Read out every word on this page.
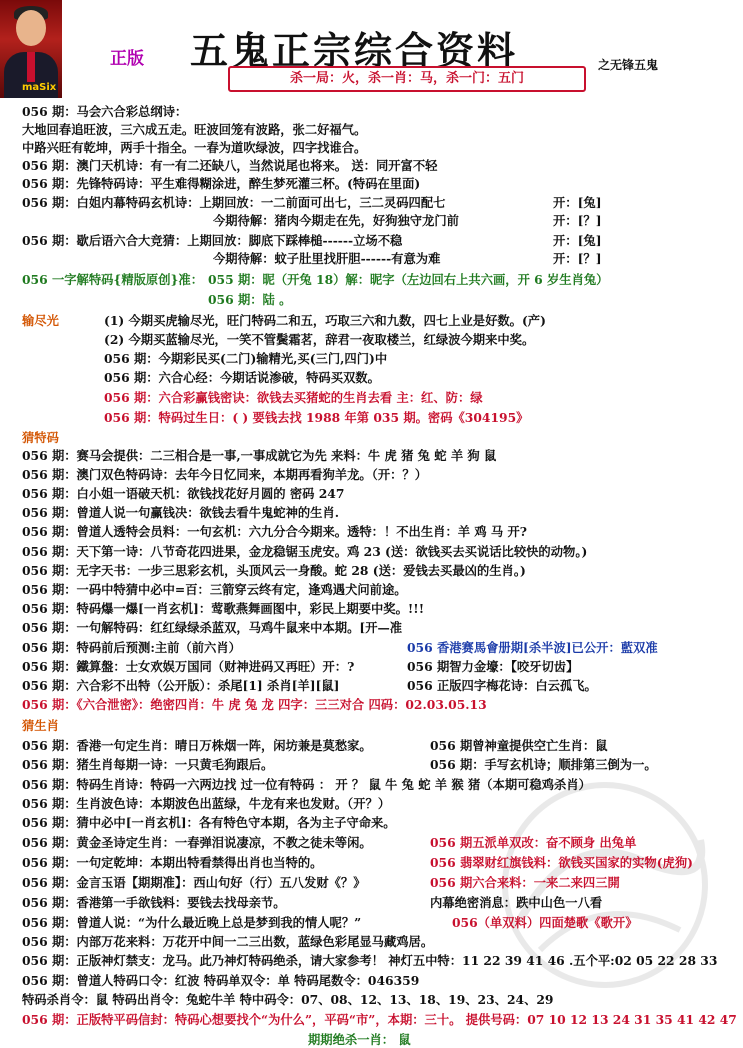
maSix
正版 五鬼正宗综合资料	之无锋五鬼
杀一局：火，杀一肖：马，杀一门：五门
056 期：马会六合彩总纲诗：
大地回春追旺波，三六成五走。旺波回笼有波路，张二好福气。
中路兴旺有乾坤，两手十指全。一春为道吹绿波，四字找谁合。
056 期：澳门天机诗：有一有二还缺八，当然说尾也将来。 送：同开富不轻
056 期：先锋特码诗：平生难得糊涂进，醉生梦死灌三杯。(特码在里面)
056 期：白姐内幕特码玄机诗：上期回放：一二前面可出七，三二灵码四配七	开：[兔]
今期待解：猪肉今期走在先，好狗独守龙门前	开：[？]
056 期：歇后语六合大竞猜：上期回放：脚底下踩棒槌------立场不稳	开：[兔]
今期待解：蚊子肚里找肝胆------有意为难	开：[？]
056 一字解特码{精版原创}准： 055 期：昵（开兔 18）解：昵字（左边回右上共六画，开 6 岁生肖兔）
056 期：陆 。
输尽光	(1) 今期买虎输尽光，旺门特码二和五，巧取三六和九数，四七上业是好数。(产)
(2) 今期买蓝输尽光，一笑不管鬓霜茗，辞君一夜取楼兰，红绿波今期来中奖。
056 期：今期彩民买(二门)输精光,买(三门,四门)中
056 期：六合心经：今期话说渗破，特码买双数。
056 期：六合彩赢钱密诀：欲钱去买猪蛇的生肖去看 主：红、防：绿
056 期：特码过生日：( ) 要钱去找 1988 年第 035 期。密码《304195》
猜特码
056 期：赛马会提供：二三相合是一事,一事成就它为先 来料：牛 虎 猪 兔 蛇 羊 狗 鼠
056 期：澳门双色特码诗：去年今日忆同来，本期再看狗羊龙。（开：？）
056 期：白小姐一语破天机：欲钱找花好月圆的 密码 247
056 期：曾道人说一句赢钱决：欲钱去看牛鬼蛇神的生肖.
056 期：曾道人透特会员料：一句玄机：六九分合今期来。透特：！不出生肖：羊 鸡 马 开?
056 期：天下第一诗：八节奇花四进果，金龙稳锯玉虎安。鸡 23 (送：欲钱买去买说话比较快的动物。)
056 期：无字天书：一步三思彩玄机，头顶风云一身酸。蛇 28 (送：爱钱去买最凶的生肖。)
056 期：一码中特猜中必中=百：三箭穿云终有定，逢鸡遇犬问前途。
056 期：特码爆一爆[一肖玄机]：莺歌燕舞画图中，彩民上期要中奖。!!!
056 期：一句解特码：红红绿绿杀蓝双，马鸡牛鼠来中本期。[开—准
056 期：特码前后预测:主前（前六肖）	056 香港赛馬會册期[杀半波]已公开：藍双准
056 期：鐵算盤：士女欢娱万国同（财神进码又再旺）开：?	056 期智力金壕：【咬牙切齿】
056 期：六合彩不出特（公开版）：杀尾[1] 杀肖[羊][鼠]	056 正版四字梅花诗：白云孤飞。
056 期：《六合泄密》：绝密四肖：牛 虎 兔 龙 四字：三三对合 四码：02.03.05.13
猜生肖
056 期：香港一句定生肖：晴日万株烟一阵，闲坊兼是莫愁家。	056 期曾神童提供空亡生肖：鼠
056 期：猪生肖每期一诗：一只黄毛狗跟后。	056 期：手写玄机诗；顺排第三倒为一。
056 期：特码生肖诗：特码一六两边找 过一位有特码 ： 开 ？ 鼠 牛 兔 蛇 羊 猴 猪（本期可稳鸡杀肖）
056 期：生肖波色诗：本期波色出蓝绿，牛龙有来也发财。（开？）
056 期：猜中必中[一肖玄机]：各有特色守本期，各为主子守命来。
056 期：黄金圣诗定生肖：一春弹泪说凄凉，不教之徒未等闲。	056 期五派单双改：奋不顾身 出兔单
056 期：一句定乾坤：本期出特看禁得出肖也当特的。	056 翡翠财红旗钱料：欲钱买国家的实物(虎狗)
056 期：金言玉语【期期准】：西山句好（行）五八发财《？》	056 期六合来料：一来二来四三開
056 期：香港第一手欲钱料：要钱去找母亲节。	内幕绝密消息：跌中山色一八看
056 期：曾道人说：“为什么最近晚上总是梦到我的情人呢？”	056（单双料）四面楚歌《歌开》
056 期：内部万花来料：万花开中间一二三出数，蓝绿色彩尾显马藏鸡居。
056 期：正版神灯禁支：龙马。此乃神灯特码绝杀，请大家参考！ 神灯五中特：11 22 39 41 46 .五个平:02 05 22 28 33
056 期：曾道人特码口令：红波 特码单双令：单 特码尾数令：046359
特码杀肖令：鼠 特码出肖令：兔蛇牛羊 特中码令：07、08、12、13、18、19、23、24、29
056 期：正版特平码信封：特码心想要找个“为什么”，平码“市”，本期：三十。 提供号码：07 10 12 13 24 31 35 41 42 47
期期绝杀一肖： 鼠
